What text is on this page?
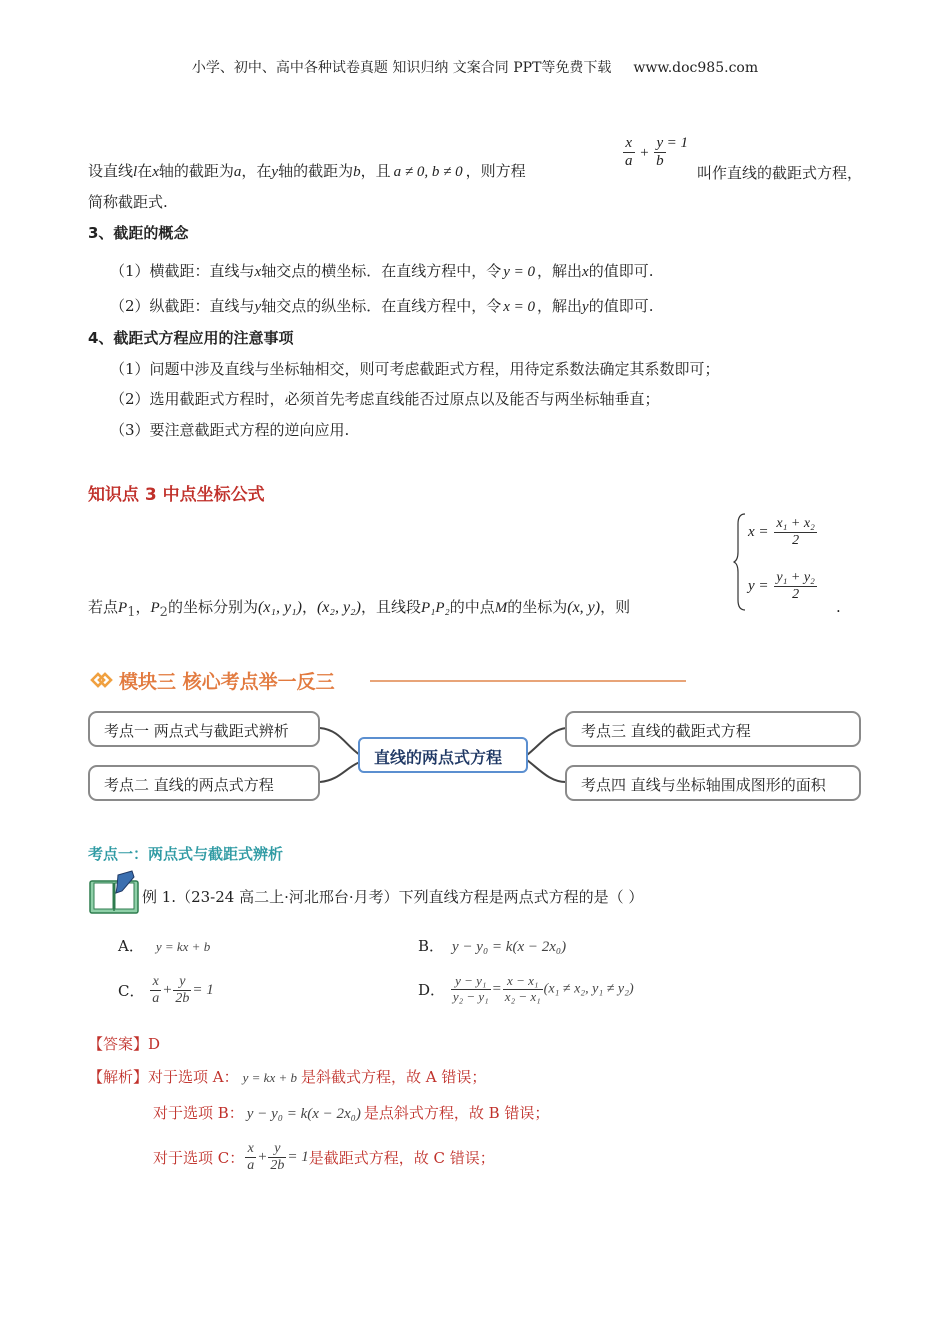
小学、初中、高中各种试卷真题 知识归纳 文案合同 PPT等免费下载 www.doc985.com
设直线l在x轴的截距为a，在y轴的截距为b，且 a ≠ 0, b ≠ 0 ，则方程
$\frac{x}{a} + \frac{y}{b} = 1$
叫作直线的截距式方程，
简称截距式.
3、截距的概念
（1）横截距：直线与x轴交点的横坐标．在直线方程中，令 y = 0 ，解出x的值即可.
（2）纵截距：直线与y轴交点的纵坐标．在直线方程中，令 x = 0 ，解出y的值即可.
4、截距式方程应用的注意事项
（1）问题中涉及直线与坐标轴相交，则可考虑截距式方程，用待定系数法确定其系数即可；
（2）选用截距式方程时，必须首先考虑直线能否过原点以及能否与两坐标轴垂直；
（3）要注意截距式方程的逆向应用.
知识点 3 中点坐标公式
若点$P_1$，$P_2$的坐标分别为(x₁, y₁)，(x₂, y₂)，且线段P₁P₂的中点M的坐标为(x, y)，则
$x = \frac{\text{x₁ + x₂}}{2}$
$y = \frac{\text{y₁ + y₂}}{2}$
.
模块三 核心考点举一反三
考点一 两点式与截距式辨析
考点二 直线的两点式方程
直线的两点式方程
考点三 直线的截距式方程
考点四 直线与坐标轴围成图形的面积
考点一：两点式与截距式辨析
例 1.（23-24 高二上·河北邢台·月考）下列直线方程是两点式方程的是（ ）
A． y = kx + b	B． y − y₀ = k(x − 2x₀)
C． $\frac{x}{a} + \frac{y}{2b} = 1$	D． $\frac{\text{y − y₁}}{\text{y₂ − y₁}} = \frac{\text{x − x₁}}{\text{x₂ − x₁}} (x_1 \ne x_2$, y₁ ≠ y₂)
【答案】D
【解析】对于选项 A： y = kx + b 是斜截式方程，故 A 错误；
对于选项 B： y − y₀ = k(x − 2x₀) 是点斜式方程，故 B 错误；
对于选项 C： $\frac{x}{a} + \frac{y}{2b} = 1$是截距式方程，故 C 错误；
